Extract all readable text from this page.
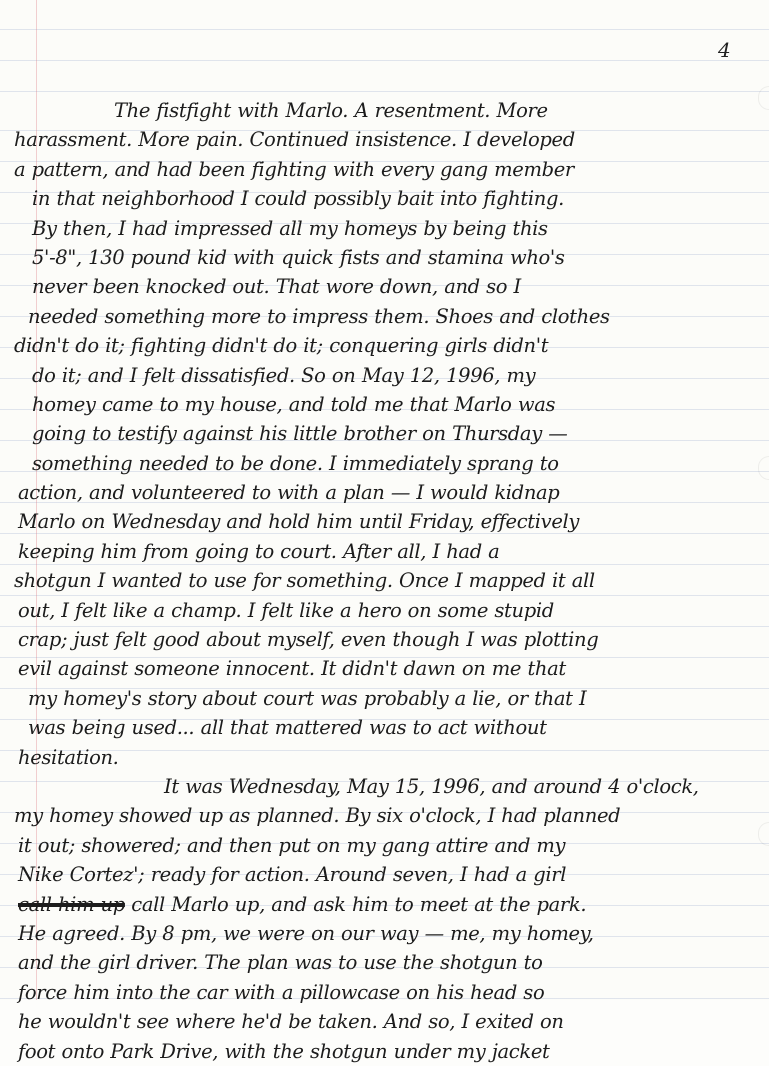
4
The fistfight with Marlo. A resentment. More
harassment. More pain. Continued insistence. I developed
a pattern, and had been fighting with every gang member
in that neighborhood I could possibly bait into fighting.
By then, I had impressed all my homeys by being this
5'-8", 130 pound kid with quick fists and stamina who's
never been knocked out. That wore down, and so I
needed something more to impress them. Shoes and clothes
didn't do it; fighting didn't do it; conquering girls didn't
do it; and I felt dissatisfied. So on May 12, 1996, my
homey came to my house, and told me that Marlo was
going to testify against his little brother on Thursday —
something needed to be done. I immediately sprang to
action, and volunteered to with a plan — I would kidnap
Marlo on Wednesday and hold him until Friday, effectively
keeping him from going to court. After all, I had a
shotgun I wanted to use for something. Once I mapped it all
out, I felt like a champ. I felt like a hero on some stupid
crap; just felt good about myself, even though I was plotting
evil against someone innocent. It didn't dawn on me that
my homey's story about court was probably a lie, or that I
was being used... all that mattered was to act without
hesitation.
It was Wednesday, May 15, 1996, and around 4 o'clock,
my homey showed up as planned. By six o'clock, I had planned
it out; showered; and then put on my gang attire and my
Nike Cortez'; ready for action. Around seven, I had a girl
call him up call Marlo up, and ask him to meet at the park.
He agreed. By 8 pm, we were on our way — me, my homey,
and the girl driver. The plan was to use the shotgun to
force him into the car with a pillowcase on his head so
he wouldn't see where he'd be taken. And so, I exited on
foot onto Park Drive, with the shotgun under my jacket
